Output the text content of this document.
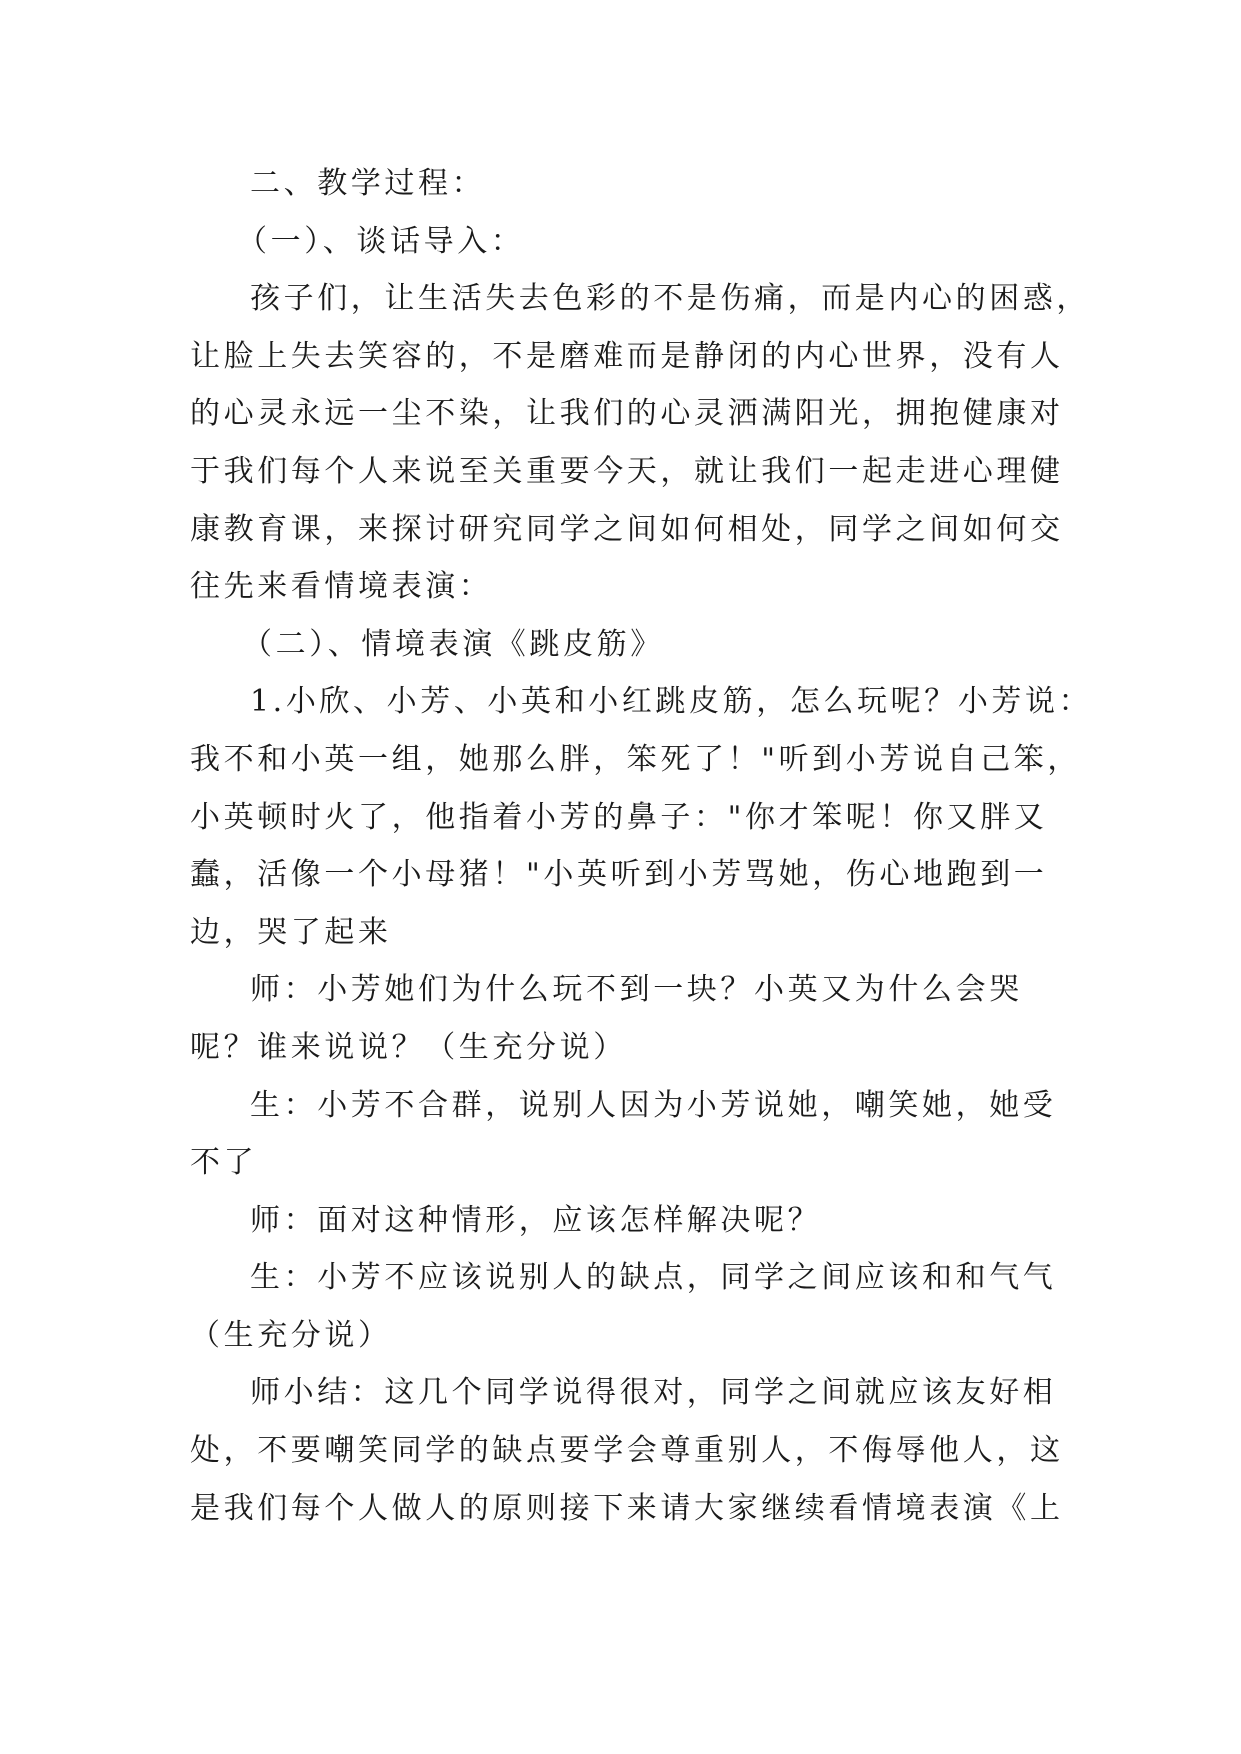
二、教学过程：
（一）、谈话导入：
孩子们，让生活失去色彩的不是伤痛，而是内心的困惑，
让脸上失去笑容的，不是磨难而是静闭的内心世界，没有人
的心灵永远一尘不染，让我们的心灵洒满阳光，拥抱健康对
于我们每个人来说至关重要今天，就让我们一起走进心理健
康教育课，来探讨研究同学之间如何相处，同学之间如何交
往先来看情境表演：
（二）、情境表演《跳皮筋》
1.小欣、小芳、小英和小红跳皮筋，怎么玩呢？小芳说：
我不和小英一组，她那么胖，笨死了！"听到小芳说自己笨，
小英顿时火了，他指着小芳的鼻子："你才笨呢！你又胖又
蠢，活像一个小母猪！"小英听到小芳骂她，伤心地跑到一
边，哭了起来
师：小芳她们为什么玩不到一块？小英又为什么会哭
呢？谁来说说？（生充分说）
生：小芳不合群，说别人因为小芳说她，嘲笑她，她受
不了
师：面对这种情形，应该怎样解决呢？
生：小芳不应该说别人的缺点，同学之间应该和和气气
（生充分说）
师小结：这几个同学说得很对，同学之间就应该友好相
处，不要嘲笑同学的缺点要学会尊重别人，不侮辱他人，这
是我们每个人做人的原则接下来请大家继续看情境表演《上
